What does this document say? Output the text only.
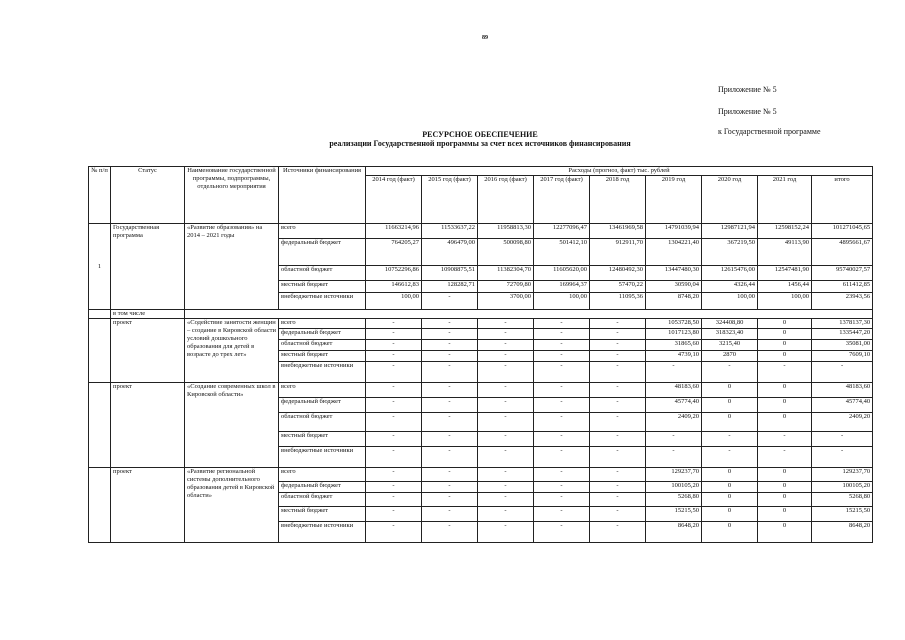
89
Приложение № 5
Приложение № 5
к Государственной программе
РЕСУРСНОЕ ОБЕСПЕЧЕНИЕ
реализации Государственной программы за счет всех источников финансирования
№ п/п	Статус	Наименование государственной программы, подпрограммы, отдельного мероприятия	Источники финансирования	Расходы (прогноз, факт) тыс. рублей								
				2014 год (факт)	2015 год (факт)	2016 год (факт)	2017 год (факт)	2018 год	2019 год	2020 год	2021 год	итого
1	Государственная программа	«Развитие образования» на 2014 – 2021 годы	всего	11663214,96	11533637,22	11958813,30	12277096,47	13461969,58	14791039,94	12987121,94	12598152,24	101271045,65
			федеральный бюджет	764205,27	496479,00	500098,80	501412,10	912911,70	1304221,40	367219,50	49113,90	4895661,67
			областной бюджет	10752296,86	10908875,51	11382304,70	11605620,00	12480492,30	13447480,30	12615476,00	12547481,90	95740027,57
			местный бюджет	146612,83	128282,71	72709,80	169964,37	57470,22	30590,04	4326,44	1456,44	611412,85
			внебюджетные источники	100,00	-	3700,00	100,00	11095,36	8748,20	100,00	100,00	23943,56
	в том числе											
	проект	«Содействие занятости женщин – создание в Кировской области условий дошкольного образования для детей в возрасте до трех лет»	всего	-	-	-	-	-	1053728,50	324408,80	0	1378137,30
			федеральный бюджет	-	-	-	-	-	1017123,80	318323,40	0	1335447,20
			областной бюджет	-	-	-	-	-	31865,60	3215,40	0	35081,00
			местный бюджет	-	-	-	-	-	4739,10	2870	0	7609,10
			внебюджетные источники	-	-	-	-	-	-	-	-	-
	проект	«Создание современных школ в Кировской области»	всего	-	-	-	-	-	48183,60	0	0	48183,60
			федеральный бюджет	-	-	-	-	-	45774,40	0	0	45774,40
			областной бюджет	-	-	-	-	-	2409,20	0	0	2409,20
			местный бюджет	-	-	-	-	-	-	-	-	-
			внебюджетные источники	-	-	-	-	-	-	-	-	-
	проект	«Развитие региональной системы дополнительного образования детей в Кировской области»	всего	-	-	-	-	-	129237,70	0	0	129237,70
			федеральный бюджет	-	-	-	-	-	100105,20	0	0	100105,20
			областной бюджет	-	-	-	-	-	5268,80	0	0	5268,80
			местный бюджет	-	-	-	-	-	15215,50	0	0	15215,50
			внебюджетные источники	-	-	-	-	-	8648,20	0	0	8648,20
